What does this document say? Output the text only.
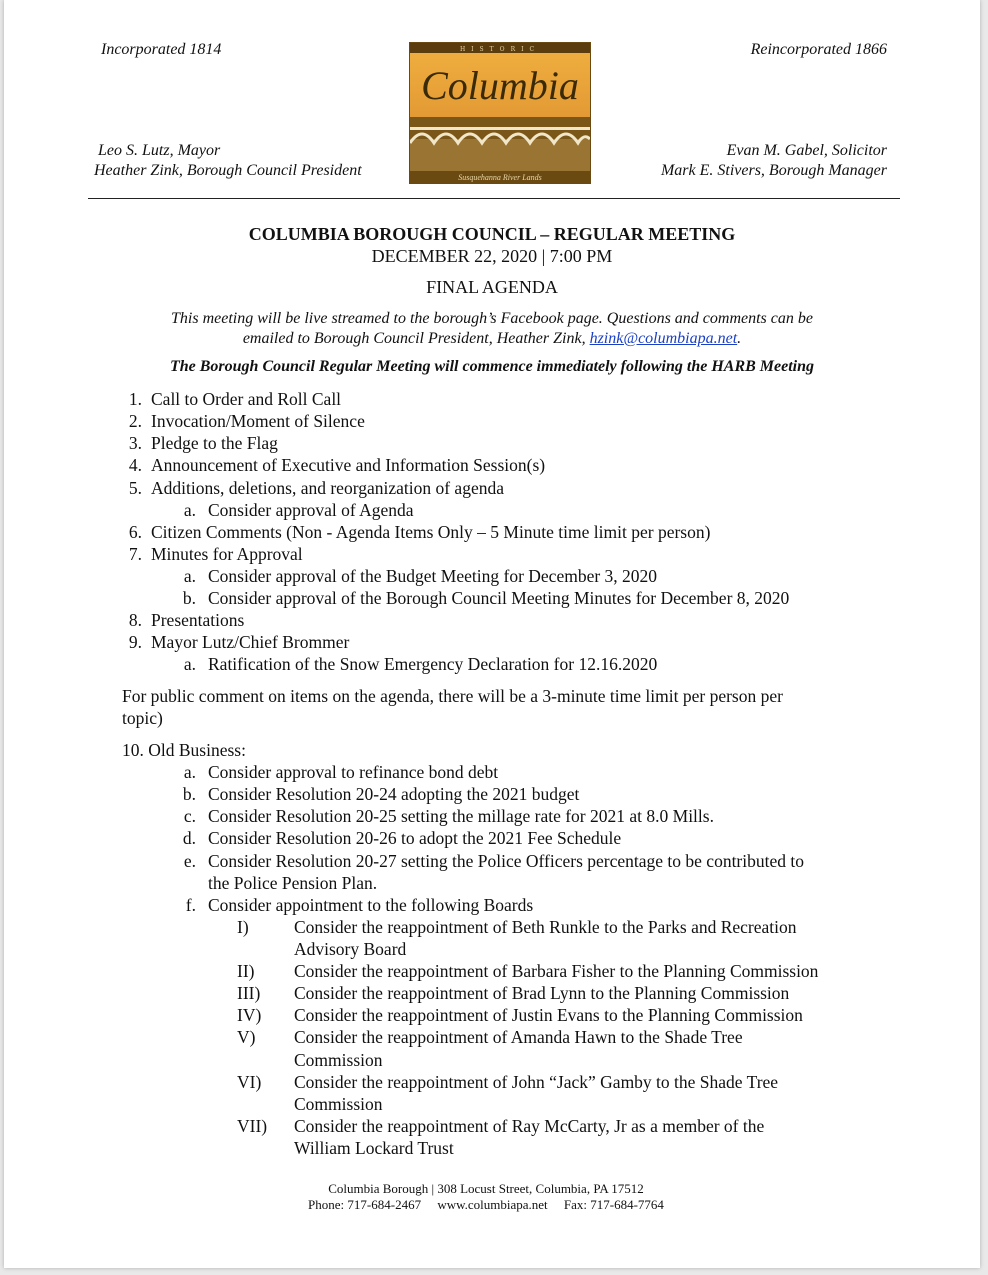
Incorporated 1814
Leo S. Lutz, Mayor
Heather Zink, Borough Council President
Reincorporated 1866
Evan M. Gabel, Solicitor
Mark E. Stivers, Borough Manager
HISTORIC
Columbia
Susquehanna River Lands
COLUMBIA BOROUGH COUNCIL – REGULAR MEETING
DECEMBER 22, 2020 | 7:00 PM
FINAL AGENDA
This meeting will be live streamed to the borough’s Facebook page. Questions and comments can be
emailed to Borough Council President, Heather Zink, hzink@columbiapa.net.
The Borough Council Regular Meeting will commence immediately following the HARB Meeting
1. Call to Order and Roll Call
2. Invocation/Moment of Silence
3. Pledge to the Flag
4. Announcement of Executive and Information Session(s)
5. Additions, deletions, and reorganization of agenda
a. Consider approval of Agenda
6. Citizen Comments (Non - Agenda Items Only – 5 Minute time limit per person)
7. Minutes for Approval
a. Consider approval of the Budget Meeting for December 3, 2020
b. Consider approval of the Borough Council Meeting Minutes for December 8, 2020
8. Presentations
9. Mayor Lutz/Chief Brommer
a. Ratification of the Snow Emergency Declaration for 12.16.2020
For public comment on items on the agenda, there will be a 3-minute time limit per person per
topic)
10. Old Business:
a. Consider approval to refinance bond debt
b. Consider Resolution 20-24 adopting the 2021 budget
c. Consider Resolution 20-25 setting the millage rate for 2021 at 8.0 Mills.
d. Consider Resolution 20-26 to adopt the 2021 Fee Schedule
e. Consider Resolution 20-27 setting the Police Officers percentage to be contributed to
the Police Pension Plan.
f. Consider appointment to the following Boards
I)	Consider the reappointment of Beth Runkle to the Parks and Recreation
Advisory Board
II) Consider the reappointment of Barbara Fisher to the Planning Commission
III) Consider the reappointment of Brad Lynn to the Planning Commission
IV) Consider the reappointment of Justin Evans to the Planning Commission
V) Consider the reappointment of Amanda Hawn to the Shade Tree
Commission
VI) Consider the reappointment of John “Jack” Gamby to the Shade Tree
Commission
VII) Consider the reappointment of Ray McCarty, Jr as a member of the
William Lockard Trust
Columbia Borough | 308 Locust Street, Columbia, PA 17512
Phone: 717-684-2467     www.columbiapa.net     Fax: 717-684-7764
